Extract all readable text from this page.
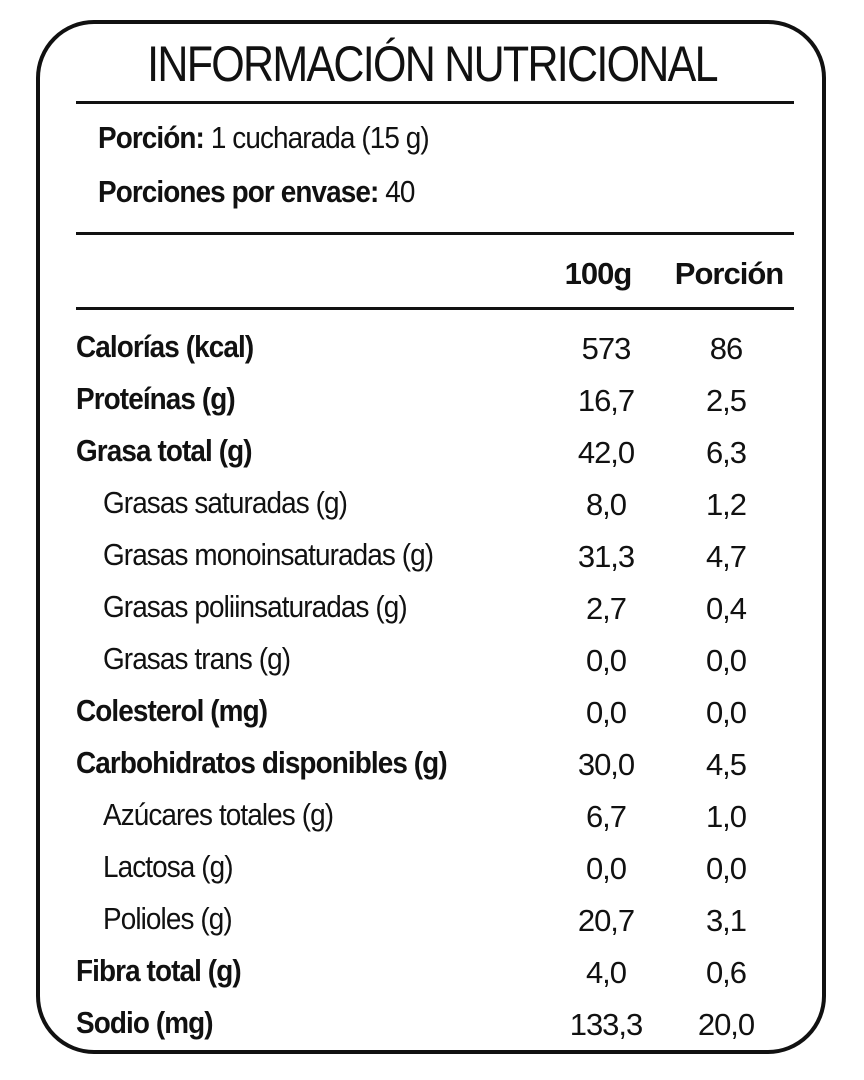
INFORMACIÓN NUTRICIONAL
Porción: 1 cucharada (15 g)
Porciones por envase: 40
100g	Porción
Calorías (kcal)	573	86
Proteínas (g)	16,7	2,5
Grasa total (g)	42,0	6,3
Grasas saturadas (g)	8,0	1,2
Grasas monoinsaturadas (g)	31,3	4,7
Grasas poliinsaturadas (g)	2,7	0,4
Grasas trans (g)	0,0	0,0
Colesterol (mg)	0,0	0,0
Carbohidratos disponibles (g)	30,0	4,5
Azúcares totales (g)	6,7	1,0
Lactosa (g)	0,0	0,0
Polioles (g)	20,7	3,1
Fibra total (g)	4,0	0,6
Sodio (mg)	133,3	20,0
